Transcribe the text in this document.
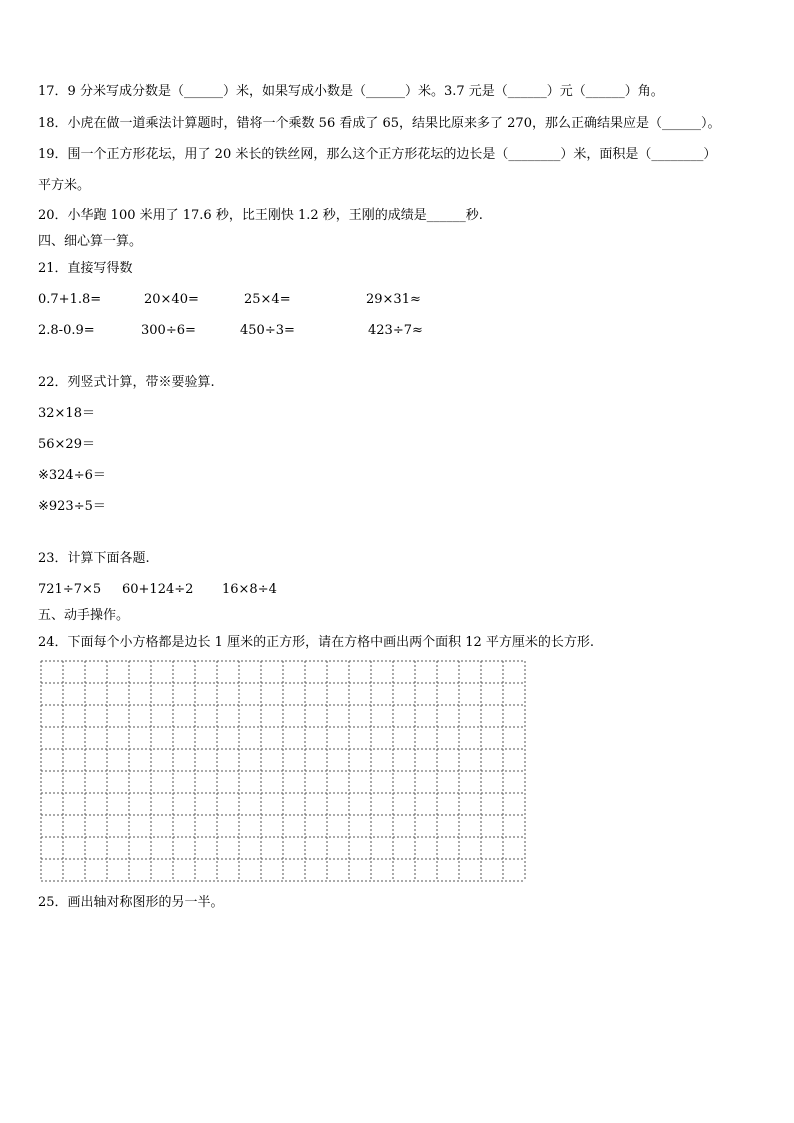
17．9 分米写成分数是（______）米，如果写成小数是（______）米。3.7 元是（______）元（______）角。
18．小虎在做一道乘法计算题时，错将一个乘数 56 看成了 65，结果比原来多了 270，那么正确结果应是（______）。
19．围一个正方形花坛，用了 20 米长的铁丝网，那么这个正方形花坛的边长是（________）米，面积是（________）
平方米。
20．小华跑 100 米用了 17.6 秒，比王刚快 1.2 秒，王刚的成绩是______秒.
四、细心算一算。
21．直接写得数
0.7+1.8=	20×40=	25×4=	29×31≈
2.8-0.9=	300÷6=	450÷3=	423÷7≈
22．列竖式计算，带※要验算.
32×18＝
56×29＝
※324÷6＝
※923÷5＝
23．计算下面各题.
721÷7×5 60+124÷2 16×8÷4
五、动手操作。
24．下面每个小方格都是边长 1 厘米的正方形，请在方格中画出两个面积 12 平方厘米的长方形.
25．画出轴对称图形的另一半。
